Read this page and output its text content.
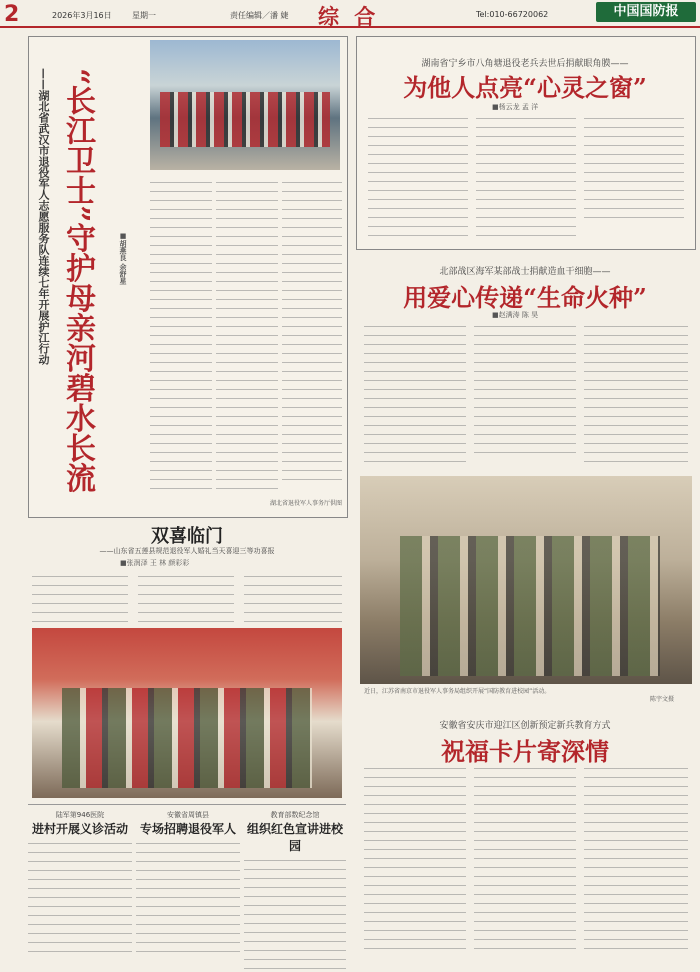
2	2026年3月16日	星期一	责任编辑／潘 婕 综 合	Tel:010-66720062	中国国防报
“长江卫士”守护母亲河碧水长流
——湖北省武汉市退役军人志愿服务队连续七年开展护江行动	■胡燕良 余舒星
湖北省退役军人事务厅供图
湖南省宁乡市八角塘退役老兵去世后捐献眼角膜——
为他人点亮“心灵之窗”
■杨云龙 孟 洋
北部战区海军某部战士捐献造血干细胞——
用爱心传递“生命火种”
■赵满涛 陈 昊
双喜临门
——山东省五莲县规范退役军人婚礼当天喜迎三等功喜报
■张润泽 王 林 颜彩彩
近日，江苏省南京市退役军人事务局组织开展“国防教育进校园”活动。
陈宇文摄
安徽省安庆市迎江区创新预定新兵教育方式
祝福卡片寄深情
陆军第946医院
进村开展义诊活动
安徽省周镇县
专场招聘退役军人
教育部数纪念馆
组织红色宣讲进校园
